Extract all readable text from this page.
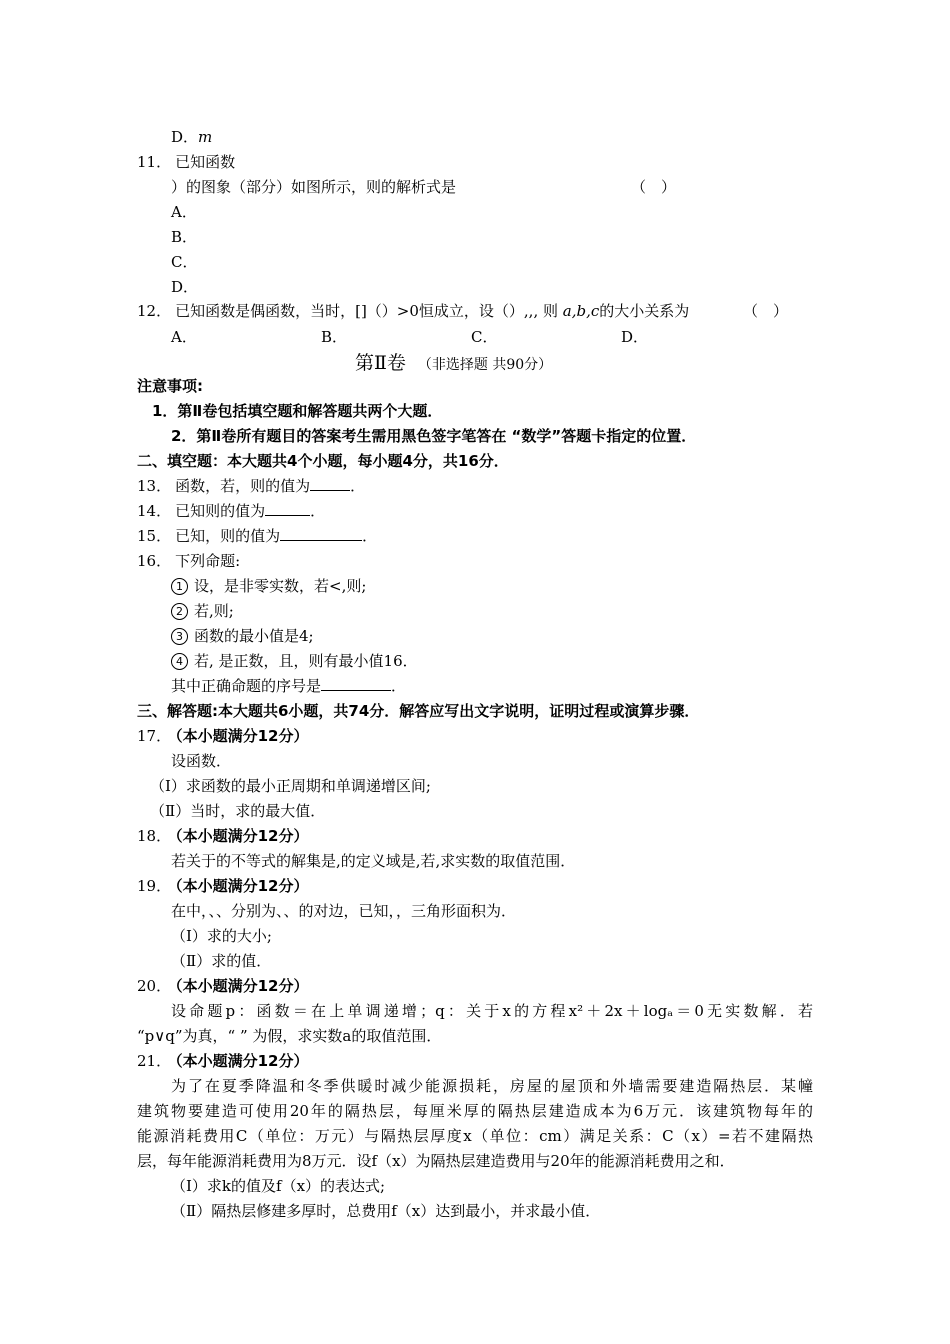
D．m
11． 已知函数
）的图象（部分）如图所示，则的解析式是	（　）
A．
B．
C．
D．
12． 已知函数是偶函数，当时，[]（）>0恒成立，设（）,,, 则 a,b,c的大小关系为	（　）
A．	B．	C．	D．
第Ⅱ卷 （非选择题 共90分）
注意事项:
1．第Ⅱ卷包括填空题和解答题共两个大题．
2．第Ⅱ卷所有题目的答案考生需用黑色签字笔答在 “数学”答题卡指定的位置．
二、填空题：本大题共4个小题，每小题4分，共16分．
13． 函数，若，则的值为	．
14． 已知则的值为	．
15． 已知，则的值为	．
16． 下列命题:
1 设，是非零实数，若<,则;
2 若,则;
3 函数的最小值是4;
4 若, 是正数，且，则有最小值16．
其中正确命题的序号是	．
三、解答题:本大题共6小题，共74分．解答应写出文字说明，证明过程或演算步骤．
17． （本小题满分12分）
设函数．
（I）求函数的最小正周期和单调递增区间;
（Ⅱ）当时，求的最大值．
18． （本小题满分12分）
若关于的不等式的解集是,的定义域是,若,求实数的取值范围．
19． （本小题满分12分）
在中，、、分别为、、的对边，已知，，三角形面积为．
（I）求的大小;
（Ⅱ）求的值．
20． （本小题满分12分）
设命题p：函数＝在上单调递增；q：关于x的方程x²＋2x＋logₐ＝0无实数解．若
“p∨q”为真，“ ” 为假，求实数a的取值范围．
21． （本小题满分12分）
为了在夏季降温和冬季供暖时减少能源损耗，房屋的屋顶和外墙需要建造隔热层．某幢
建筑物要建造可使用20年的隔热层，每厘米厚的隔热层建造成本为6万元．该建筑物每年的
能源消耗费用C（单位：万元）与隔热层厚度x（单位：cm）满足关系：C（x）=若不建隔热
层，每年能源消耗费用为8万元．设f（x）为隔热层建造费用与20年的能源消耗费用之和．
（Ⅰ）求k的值及f（x）的表达式;
（Ⅱ）隔热层修建多厚时，总费用f（x）达到最小，并求最小值．
